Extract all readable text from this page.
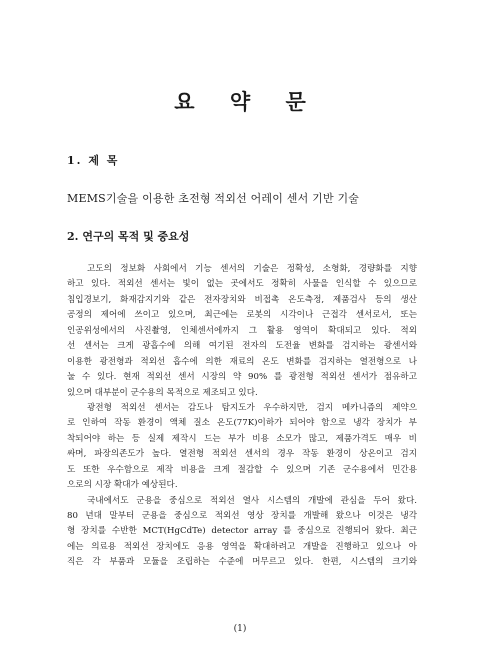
요 약 문
1. 제 목
MEMS기술을 이용한 초전형 적외선 어레이 센서 기반 기술
2. 연구의 목적 및 중요성
고도의 정보화 사회에서 기능 센서의 기술은 정확성, 소형화, 경량화를 지향
하고 있다. 적외선 센서는 빛이 없는 곳에서도 정확히 사물을 인식할 수 있으므로
침입경보기, 화재감지기와 같은 전자장치와 비접촉 온도측정, 제품검사 등의 생산
공정의 제어에 쓰이고 있으며, 최근에는 로봇의 시각이나 근접각 센서로서, 또는
인공위성에서의 사진촬영, 인체센서에까지 그 활용 영역이 확대되고 있다. 적외
선 센서는 크게 광흡수에 의해 여기된 전자의 도전율 변화를 검지하는 광센서와
이용한 광전형과 적외선 흡수에 의한 재료의 온도 변화를 검지하는 열전형으로 나
눌 수 있다. 현재 적외선 센서 시장의 약 90% 를 광전형 적외선 센서가 점유하고
있으며 대부분이 군수용의 목적으로 제조되고 있다.
광전형 적외선 센서는 감도나 탐지도가 우수하지만, 검지 메카니즘의 제약으
로 인하여 작동 환경이 액체 질소 온도(77K)이하가 되어야 함으로 냉각 장치가 부
착되어야 하는 등 실제 제작시 드는 부가 비용 소모가 많고, 제품가격도 매우 비
싸며, 파장의존도가 높다. 열전형 적외선 센서의 경우 작동 환경이 상온이고 검지
도 또한 우수함으로 제작 비용을 크게 절감할 수 있으며 기존 군수용에서 민간용
으로의 시장 확대가 예상된다.
국내에서도 군용을 중심으로 적외선 열사 시스템의 개발에 관심을 두어 왔다.
80 년대 말부터 군용을 중심으로 적외선 영상 장치를 개발해 왔으나 이것은 냉각
형 장치를 수반한 MCT(HgCdTe) detector array 를 중심으로 진행되어 왔다. 최근
에는 의료용 적외선 장치에도 응용 영역을 확대하려고 개발을 진행하고 있으나 아
직은 각 부품과 모듈을 조립하는 수준에 머무르고 있다. 한편, 시스템의 크기와
(1)
